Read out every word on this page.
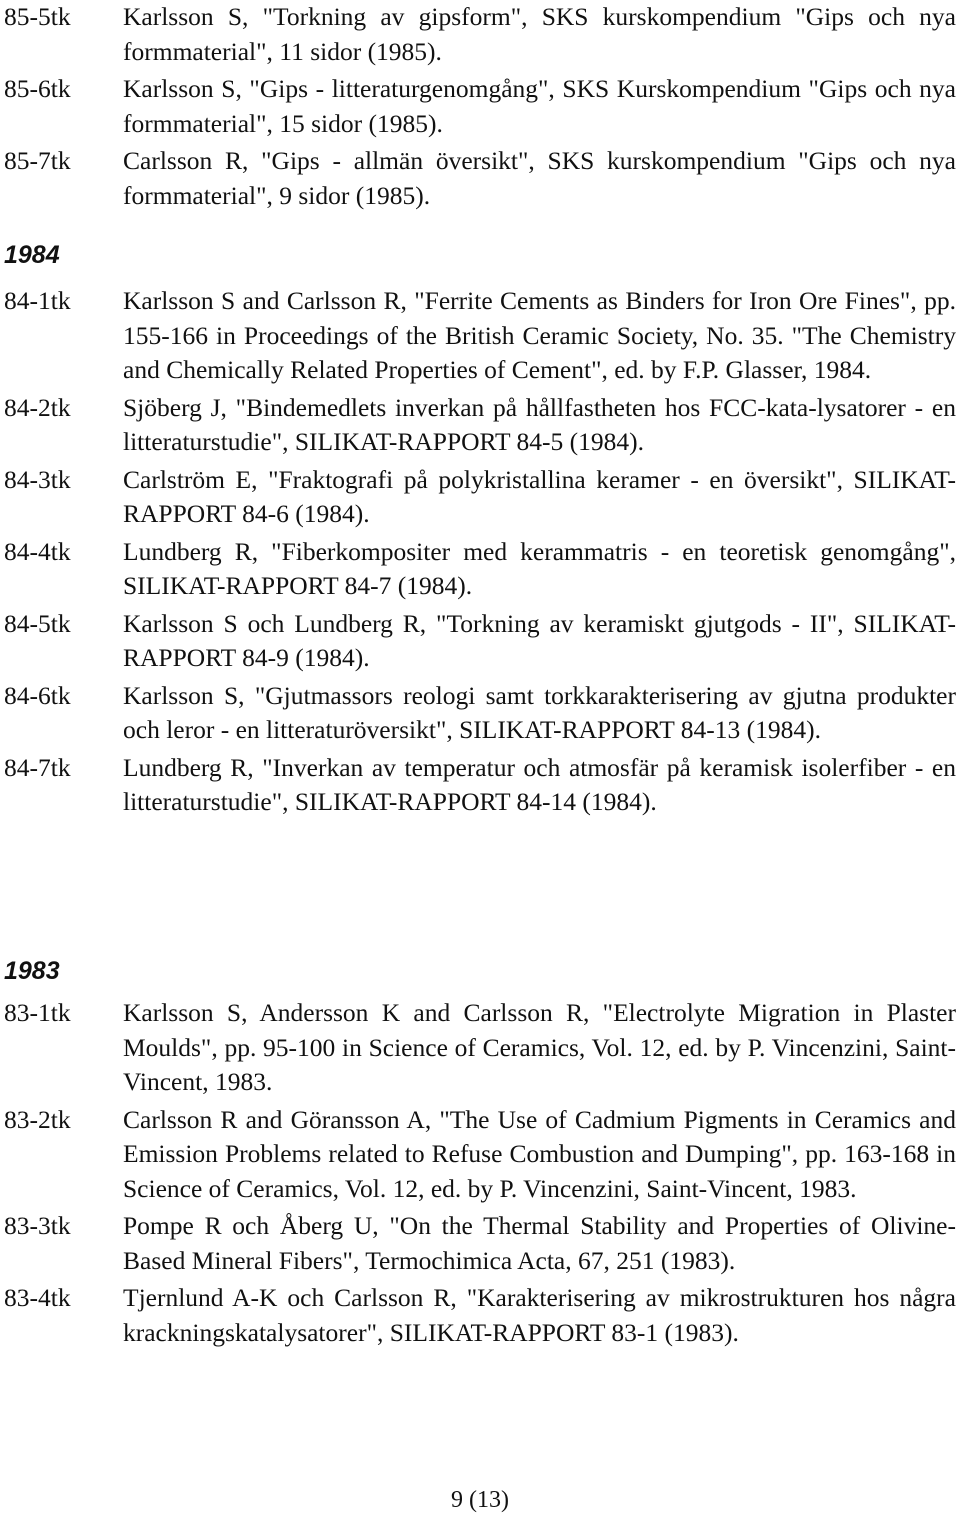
85-5tk	Karlsson S, "Torkning av gipsform", SKS kurskompendium "Gips och nya formmaterial", 11 sidor (1985).
85-6tk	Karlsson S, "Gips - litteraturgenomgång", SKS Kurskompendium "Gips och nya formmaterial", 15 sidor (1985).
85-7tk	Carlsson R, "Gips - allmän översikt", SKS kurskompendium "Gips och nya formmaterial", 9 sidor (1985).
1984
84-1tk	Karlsson S and Carlsson R, "Ferrite Cements as Binders for Iron Ore Fines", pp. 155-166 in Proceedings of the British Ceramic Society, No. 35. "The Chemistry and Chemically Related Properties of Cement", ed. by F.P. Glasser, 1984.
84-2tk	Sjöberg J, "Bindemedlets inverkan på hållfastheten hos FCC-kata-lysatorer - en litteraturstudie", SILIKAT-RAPPORT 84-5 (1984).
84-3tk	Carlström E, "Fraktografi på polykristallina keramer - en översikt", SILIKAT-RAPPORT 84-6 (1984).
84-4tk	Lundberg R, "Fiberkompositer med kerammatris - en teoretisk genomgång", SILIKAT-RAPPORT 84-7 (1984).
84-5tk	Karlsson S och Lundberg R, "Torkning av keramiskt gjutgods - II", SILIKAT-RAPPORT 84-9 (1984).
84-6tk	Karlsson S, "Gjutmassors reologi samt torkkarakterisering av gjutna produkter och leror - en litteraturöversikt", SILIKAT-RAPPORT 84-13 (1984).
84-7tk	Lundberg R, "Inverkan av temperatur och atmosfär på keramisk isolerfiber - en litteraturstudie", SILIKAT-RAPPORT 84-14 (1984).
1983
83-1tk	Karlsson S, Andersson K and Carlsson R, "Electrolyte Migration in Plaster Moulds", pp. 95-100 in Science of Ceramics, Vol. 12, ed. by P. Vincenzini, Saint-Vincent, 1983.
83-2tk	Carlsson R and Göransson A, "The Use of Cadmium Pigments in Ceramics and Emission Problems related to Refuse Combustion and Dumping", pp. 163-168 in Science of Ceramics, Vol. 12, ed. by P. Vincenzini, Saint-Vincent, 1983.
83-3tk	Pompe R och Åberg U, "On the Thermal Stability and Properties of Olivine-Based Mineral Fibers", Termochimica Acta, 67, 251 (1983).
83-4tk	Tjernlund A-K och Carlsson R, "Karakterisering av mikrostrukturen hos några krackningskatalysatorer", SILIKAT-RAPPORT 83-1 (1983).
9 (13)
